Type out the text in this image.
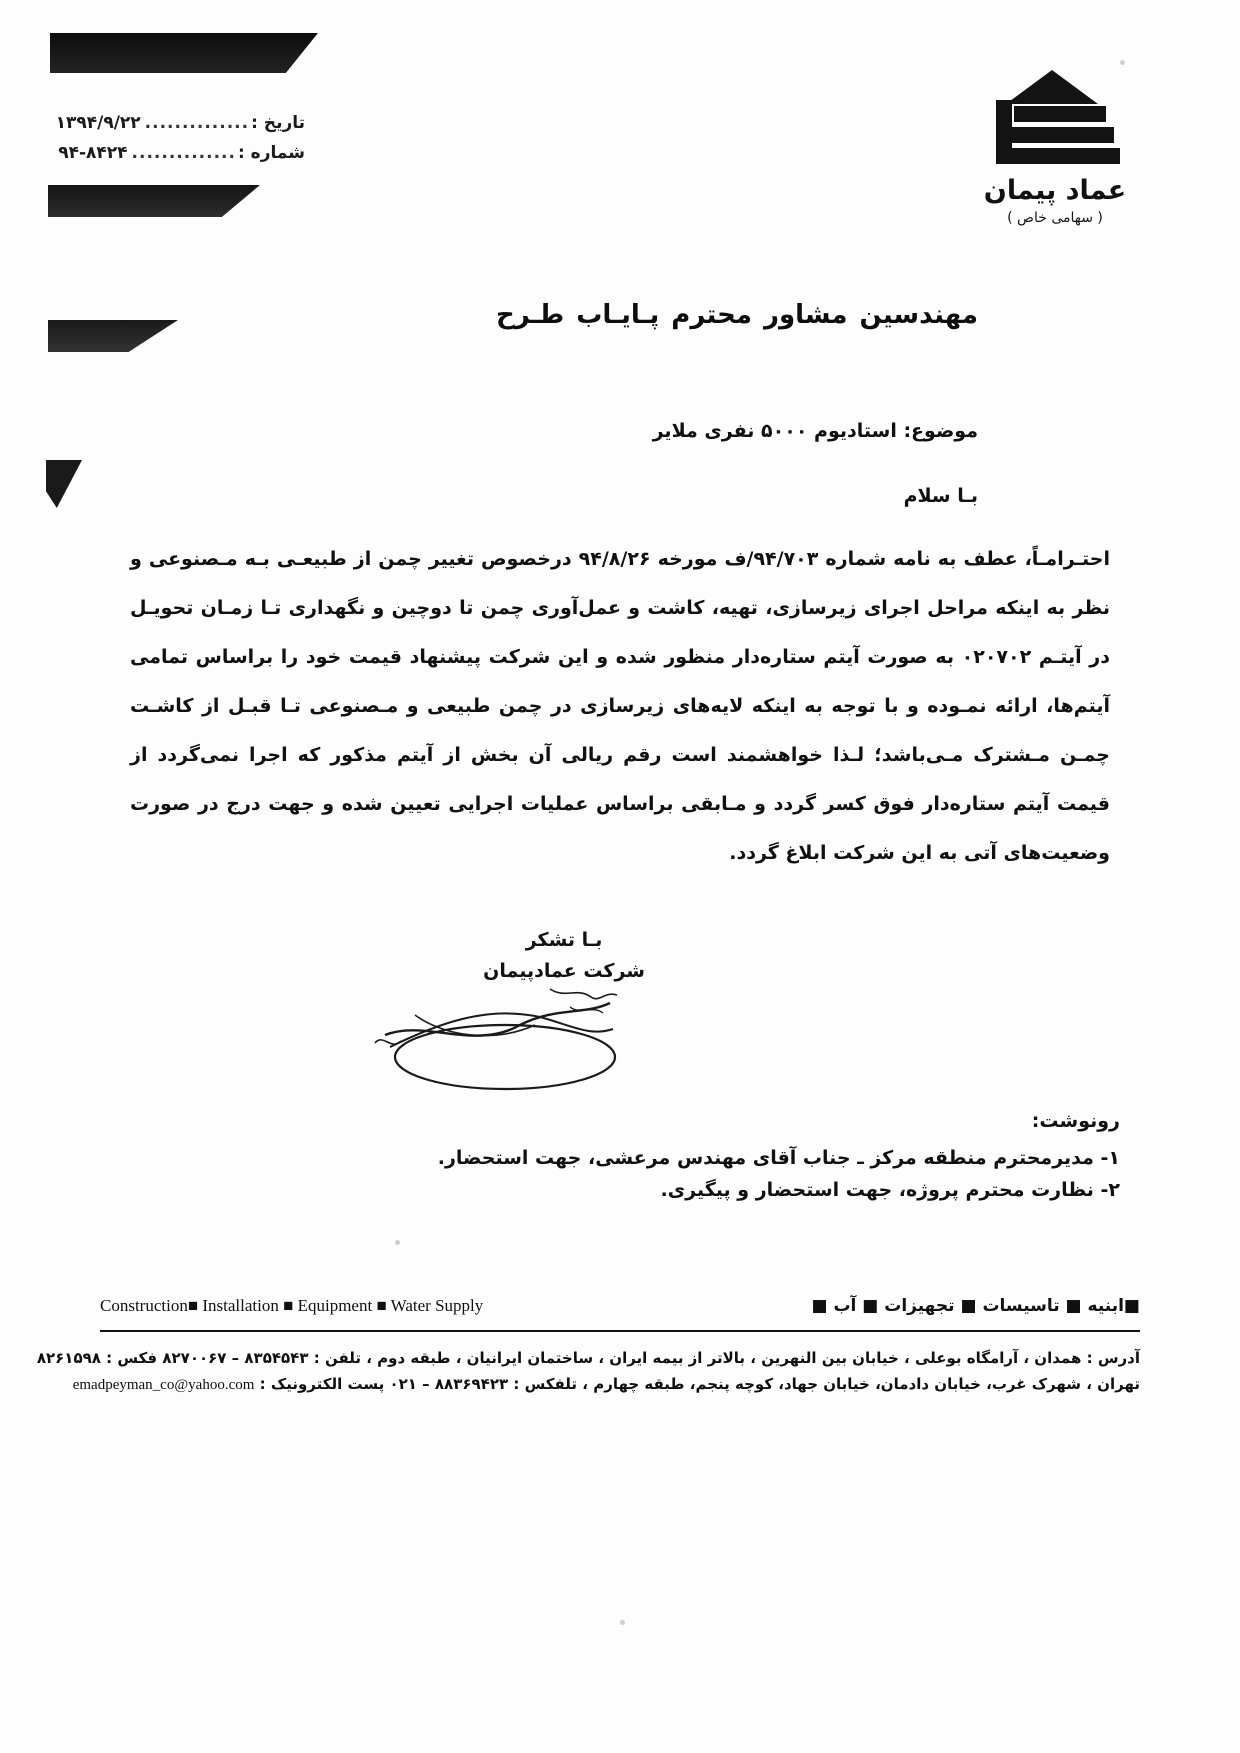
تاریخ :
..............
۱۳۹۴/۹/۲۲
شماره :
..............
۹۴-۸۴۲۴
عماد پیمان
( سهامی خاص )
مهندسین مشاور محترم پـایـاب طـرح
موضوع: استادیوم ۵۰۰۰ نفری ملایر
بـا سلام

احتـرامـاً، عطف به نامه شماره ۹۴/۷۰۳/ف مورخه ۹۴/۸/۲۶ درخصوص تغییر چمن از طبیعـی بـه مـصنوعی و نظر به اینکه مراحل اجرای زیرسازی، تهیه، کاشت و عمل‌آوری چمن تا دوچین و نگهداری تـا زمـان تحویـل در آیتـم ۰۲۰۷۰۲ به صورت آیتم ستاره‌دار منظور شده و این شرکت پیشنهاد قیمت خود را براساس تمامی آیتم‌ها، ارائه نمـوده و با توجه به اینکه لایه‌های زیرسازی در چمن طبیعی و مـصنوعی تـا قبـل از کاشـت چمـن مـشترک مـی‌باشد؛ لـذا خواهشمند است رقم ریالی آن بخش از آیتم مذکور که اجرا نمی‌گردد از قیمت آیتم ستاره‌دار فوق کسر گردد و مـابقی براساس عملیات اجرایی تعیین شده و جهت درج در صورت وضعیت‌های آتی به این شرکت ابلاغ گردد.

بـا تشکر
شرکت عمادپیمان
رونوشت:
۱- مدیرمحترم منطقه مرکز ـ جناب آقای مهندس مرعشی، جهت استحضار.
۲- نظارت محترم پروژه، جهت استحضار و پیگیری.
■ابنیه ■ تاسیسات ■ تجهیزات ■ آب ■
Construction■ Installation ■ Equipment ■ Water Supply
آدرس : همدان ، آرامگاه بوعلی ، خیابان بین النهرین ، بالاتر از بیمه ایران ، ساختمان ایرانیان ، طبقه دوم ، تلفن : ۸۳۵۴۵۴۳ – ۸۲۷۰۰۶۷ فکس : ۸۲۶۱۵۹۸
تهران ، شهرک غرب، خیابان دادمان، خیابان جهاد، کوچه پنجم، طبقه چهارم ، تلفکس : ۸۸۳۶۹۴۲۳ – ۰۲۱ پست الکترونیک : emadpeyman_co@yahoo.com
